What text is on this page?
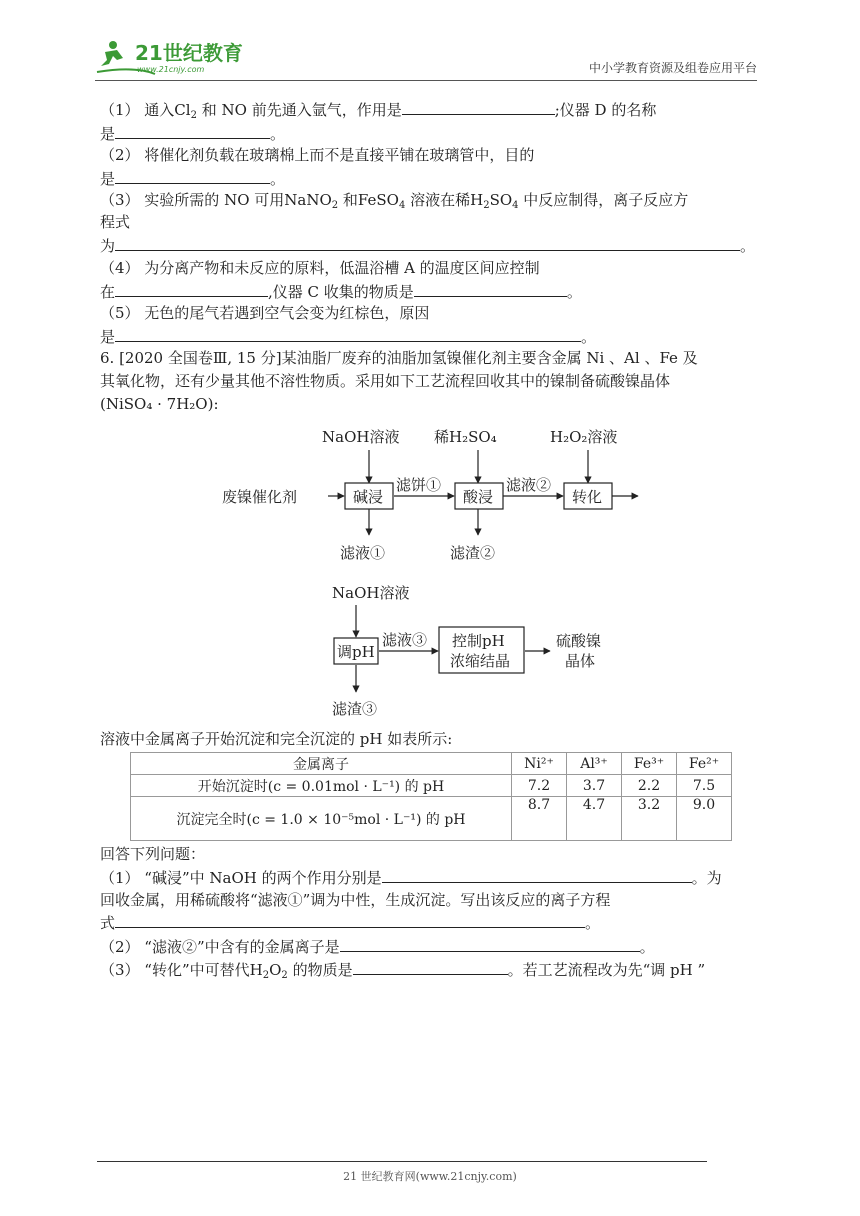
21世纪教育
www.21cnjy.com	中小学教育资源及组卷应用平台
（1） 通入$Cl_2$ 和 NO 前先通入氩气，作用是	;仪器 D 的名称
是	。
（2） 将催化剂负载在玻璃棉上而不是直接平铺在玻璃管中，目的
是	。
（3） 实验所需的 NO 可用NaNO$_2$ 和FeSO$_4$ 溶液在稀$H_2SO_4$ 中反应制得，离子反应方
程式
为	。
（4） 为分离产物和未反应的原料，低温浴槽 A 的温度区间应控制
在	,仪器 C 收集的物质是	。
（5） 无色的尾气若遇到空气会变为红棕色，原因
是	。
6. [2020 全国卷Ⅲ, 15 分]某油脂厂废弃的油脂加氢镍催化剂主要含金属 Ni 、Al 、Fe 及
其氧化物，还有少量其他不溶性物质。采用如下工艺流程回收其中的镍制备硫酸镍晶体
(NiSO₄ · 7H₂O):
NaOH溶液 稀H₂SO₄	H₂O₂溶液
废镍催化剂	碱浸	酸浸	转化
滤饼①	滤液②
滤液①	滤渣②
NaOH溶液
调pH
滤液③ 控制pH
浓缩结晶
硫酸镍
晶体
滤渣③
溶液中金属离子开始沉淀和完全沉淀的 pH 如表所示:
金属离子	Ni²⁺	Al³⁺	Fe³⁺	Fe²⁺
开始沉淀时(c = 0.01mol · L⁻¹) 的 pH	7.2	3.7	2.2	7.5
沉淀完全时(c = 1.0 × 10⁻⁵mol · L⁻¹) 的 pH	8.7	4.7	3.2	9.0
回答下列问题：
（1） “碱浸”中 NaOH 的两个作用分别是	。为
回收金属，用稀硫酸将“滤液①”调为中性，生成沉淀。写出该反应的离子方程
式	。
（2） “滤液②”中含有的金属离子是	。
（3） “转化”中可替代$H_2O_2$ 的物质是	。若工艺流程改为先“调 pH ”
21 世纪教育网(www.21cnjy.com)
